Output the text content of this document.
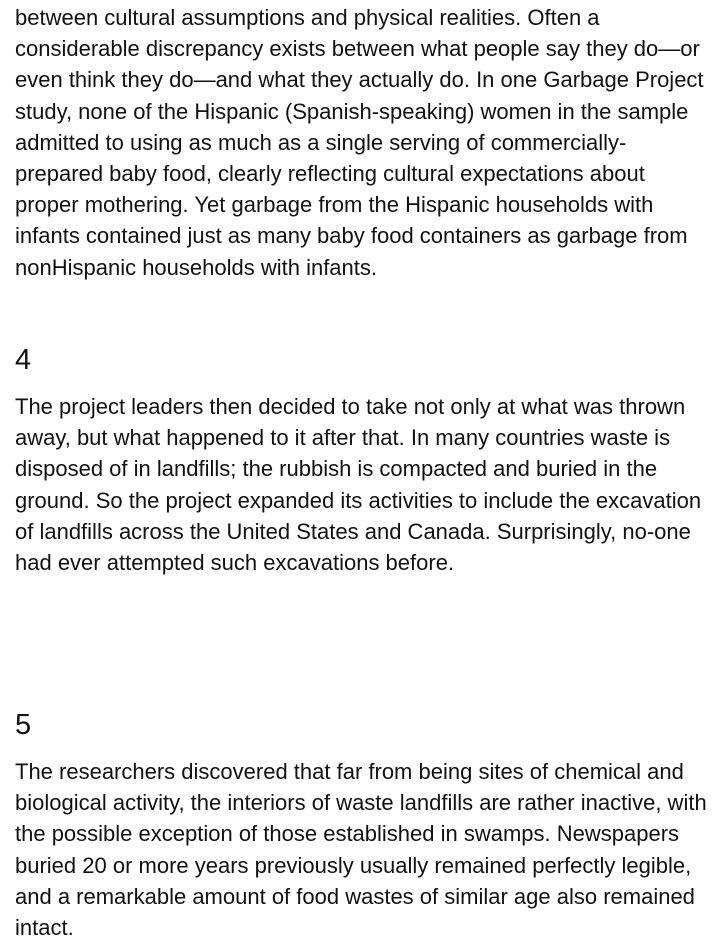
between cultural assumptions and physical realities. Often a considerable discrepancy exists between what people say they do—or even think they do—and what they actually do. In one Garbage Project study, none of the Hispanic (Spanish-speaking) women in the sample admitted to using as much as a single serving of commercially-prepared baby food, clearly reflecting cultural expectations about proper mothering. Yet garbage from the Hispanic households with infants contained just as many baby food containers as garbage from nonHispanic households with infants.

4

The project leaders then decided to take not only at what was thrown away, but what happened to it after that. In many countries waste is disposed of in landfills; the rubbish is compacted and buried in the ground. So the project expanded its activities to include the excavation of landfills across the United States and Canada. Surprisingly, no-one had ever attempted such excavations before.

5

The researchers discovered that far from being sites of chemical and biological activity, the interiors of waste landfills are rather inactive, with the possible exception of those established in swamps. Newspapers buried 20 or more years previously usually remained perfectly legible, and a remarkable amount of food wastes of similar age also remained intact.
